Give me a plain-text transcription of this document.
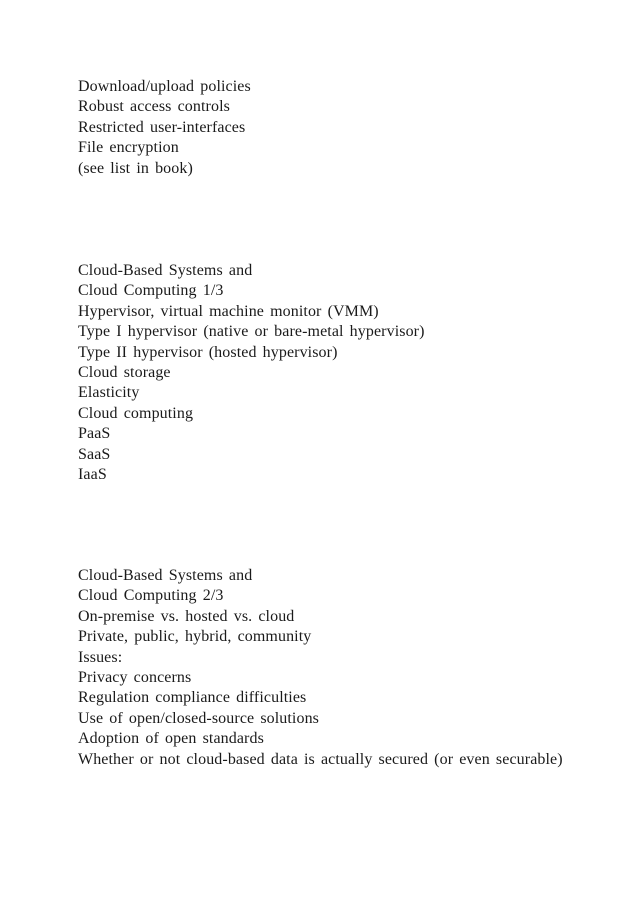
Download/upload policies
Robust access controls
Restricted user-interfaces
File encryption
(see list in book)
Cloud-Based Systems and
Cloud Computing 1/3
Hypervisor, virtual machine monitor (VMM)
Type I hypervisor (native or bare-metal hypervisor)
Type II hypervisor (hosted hypervisor)
Cloud storage
Elasticity
Cloud computing
PaaS
SaaS
IaaS
Cloud-Based Systems and
Cloud Computing 2/3
On-premise vs. hosted vs. cloud
Private, public, hybrid, community
Issues:
Privacy concerns
Regulation compliance difficulties
Use of open/closed-source solutions
Adoption of open standards
Whether or not cloud-based data is actually secured (or even securable)
